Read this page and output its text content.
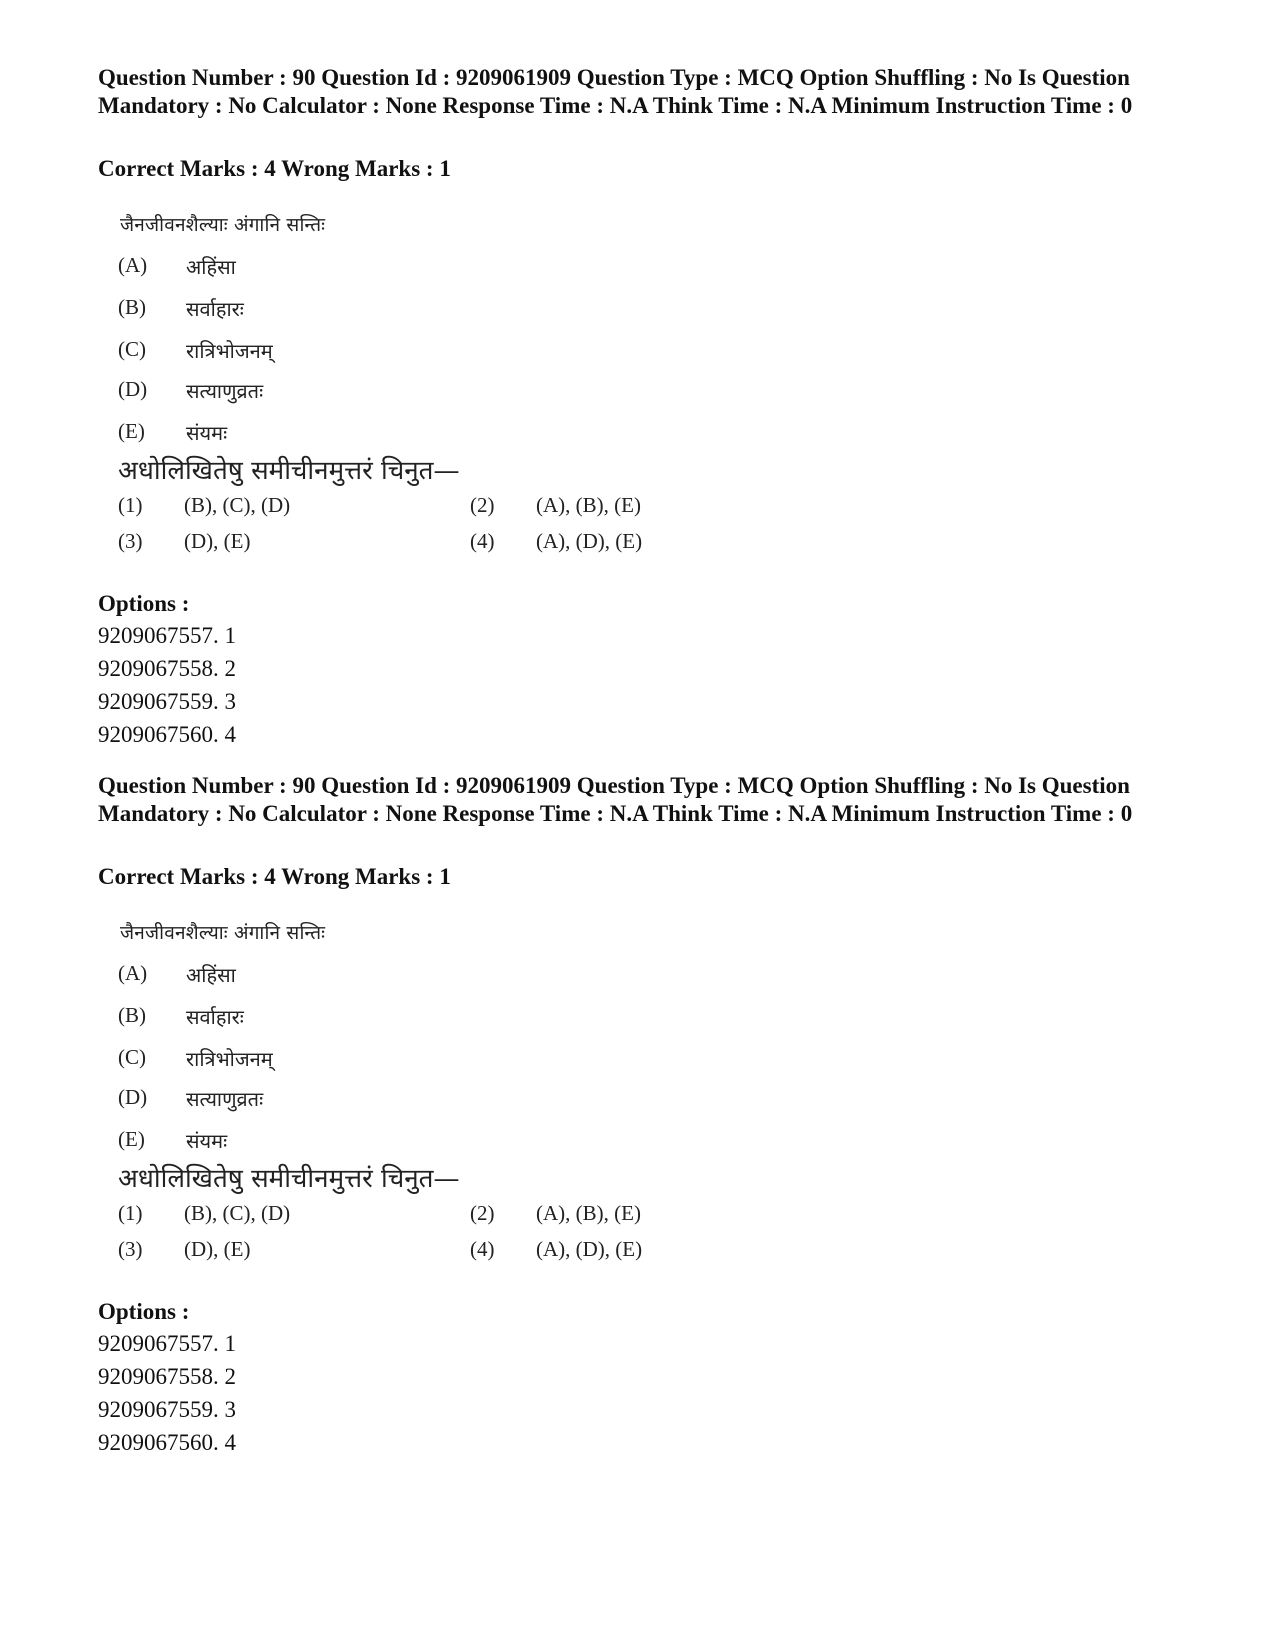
Question Number : 90 Question Id : 9209061909 Question Type : MCQ Option Shuffling : No Is Question Mandatory : No Calculator : None Response Time : N.A Think Time : N.A Minimum Instruction Time : 0

Correct Marks : 4 Wrong Marks : 1

जैनजीवनशैल्याः अंगानि सन्तिः
(A) अहिंसा
(B) सर्वाहारः
(C) रात्रिभोजनम्
(D) सत्याणुव्रतः
(E) संयमः
अधोलिखितेषु समीचीनमुत्तरं चिनुत—
(1) (B), (C), (D)	(2) (A), (B), (E)
(3) (D), (E)	(4) (A), (D), (E)
Options :
9209067557. 1
9209067558. 2
9209067559. 3
9209067560. 4

Question Number : 90 Question Id : 9209061909 Question Type : MCQ Option Shuffling : No Is Question Mandatory : No Calculator : None Response Time : N.A Think Time : N.A Minimum Instruction Time : 0

Correct Marks : 4 Wrong Marks : 1

जैनजीवनशैल्याः अंगानि सन्तिः
(A) अहिंसा
(B) सर्वाहारः
(C) रात्रिभोजनम्
(D) सत्याणुव्रतः
(E) संयमः
अधोलिखितेषु समीचीनमुत्तरं चिनुत—
(1) (B), (C), (D)	(2) (A), (B), (E)
(3) (D), (E)	(4) (A), (D), (E)
Options :
9209067557. 1
9209067558. 2
9209067559. 3
9209067560. 4
